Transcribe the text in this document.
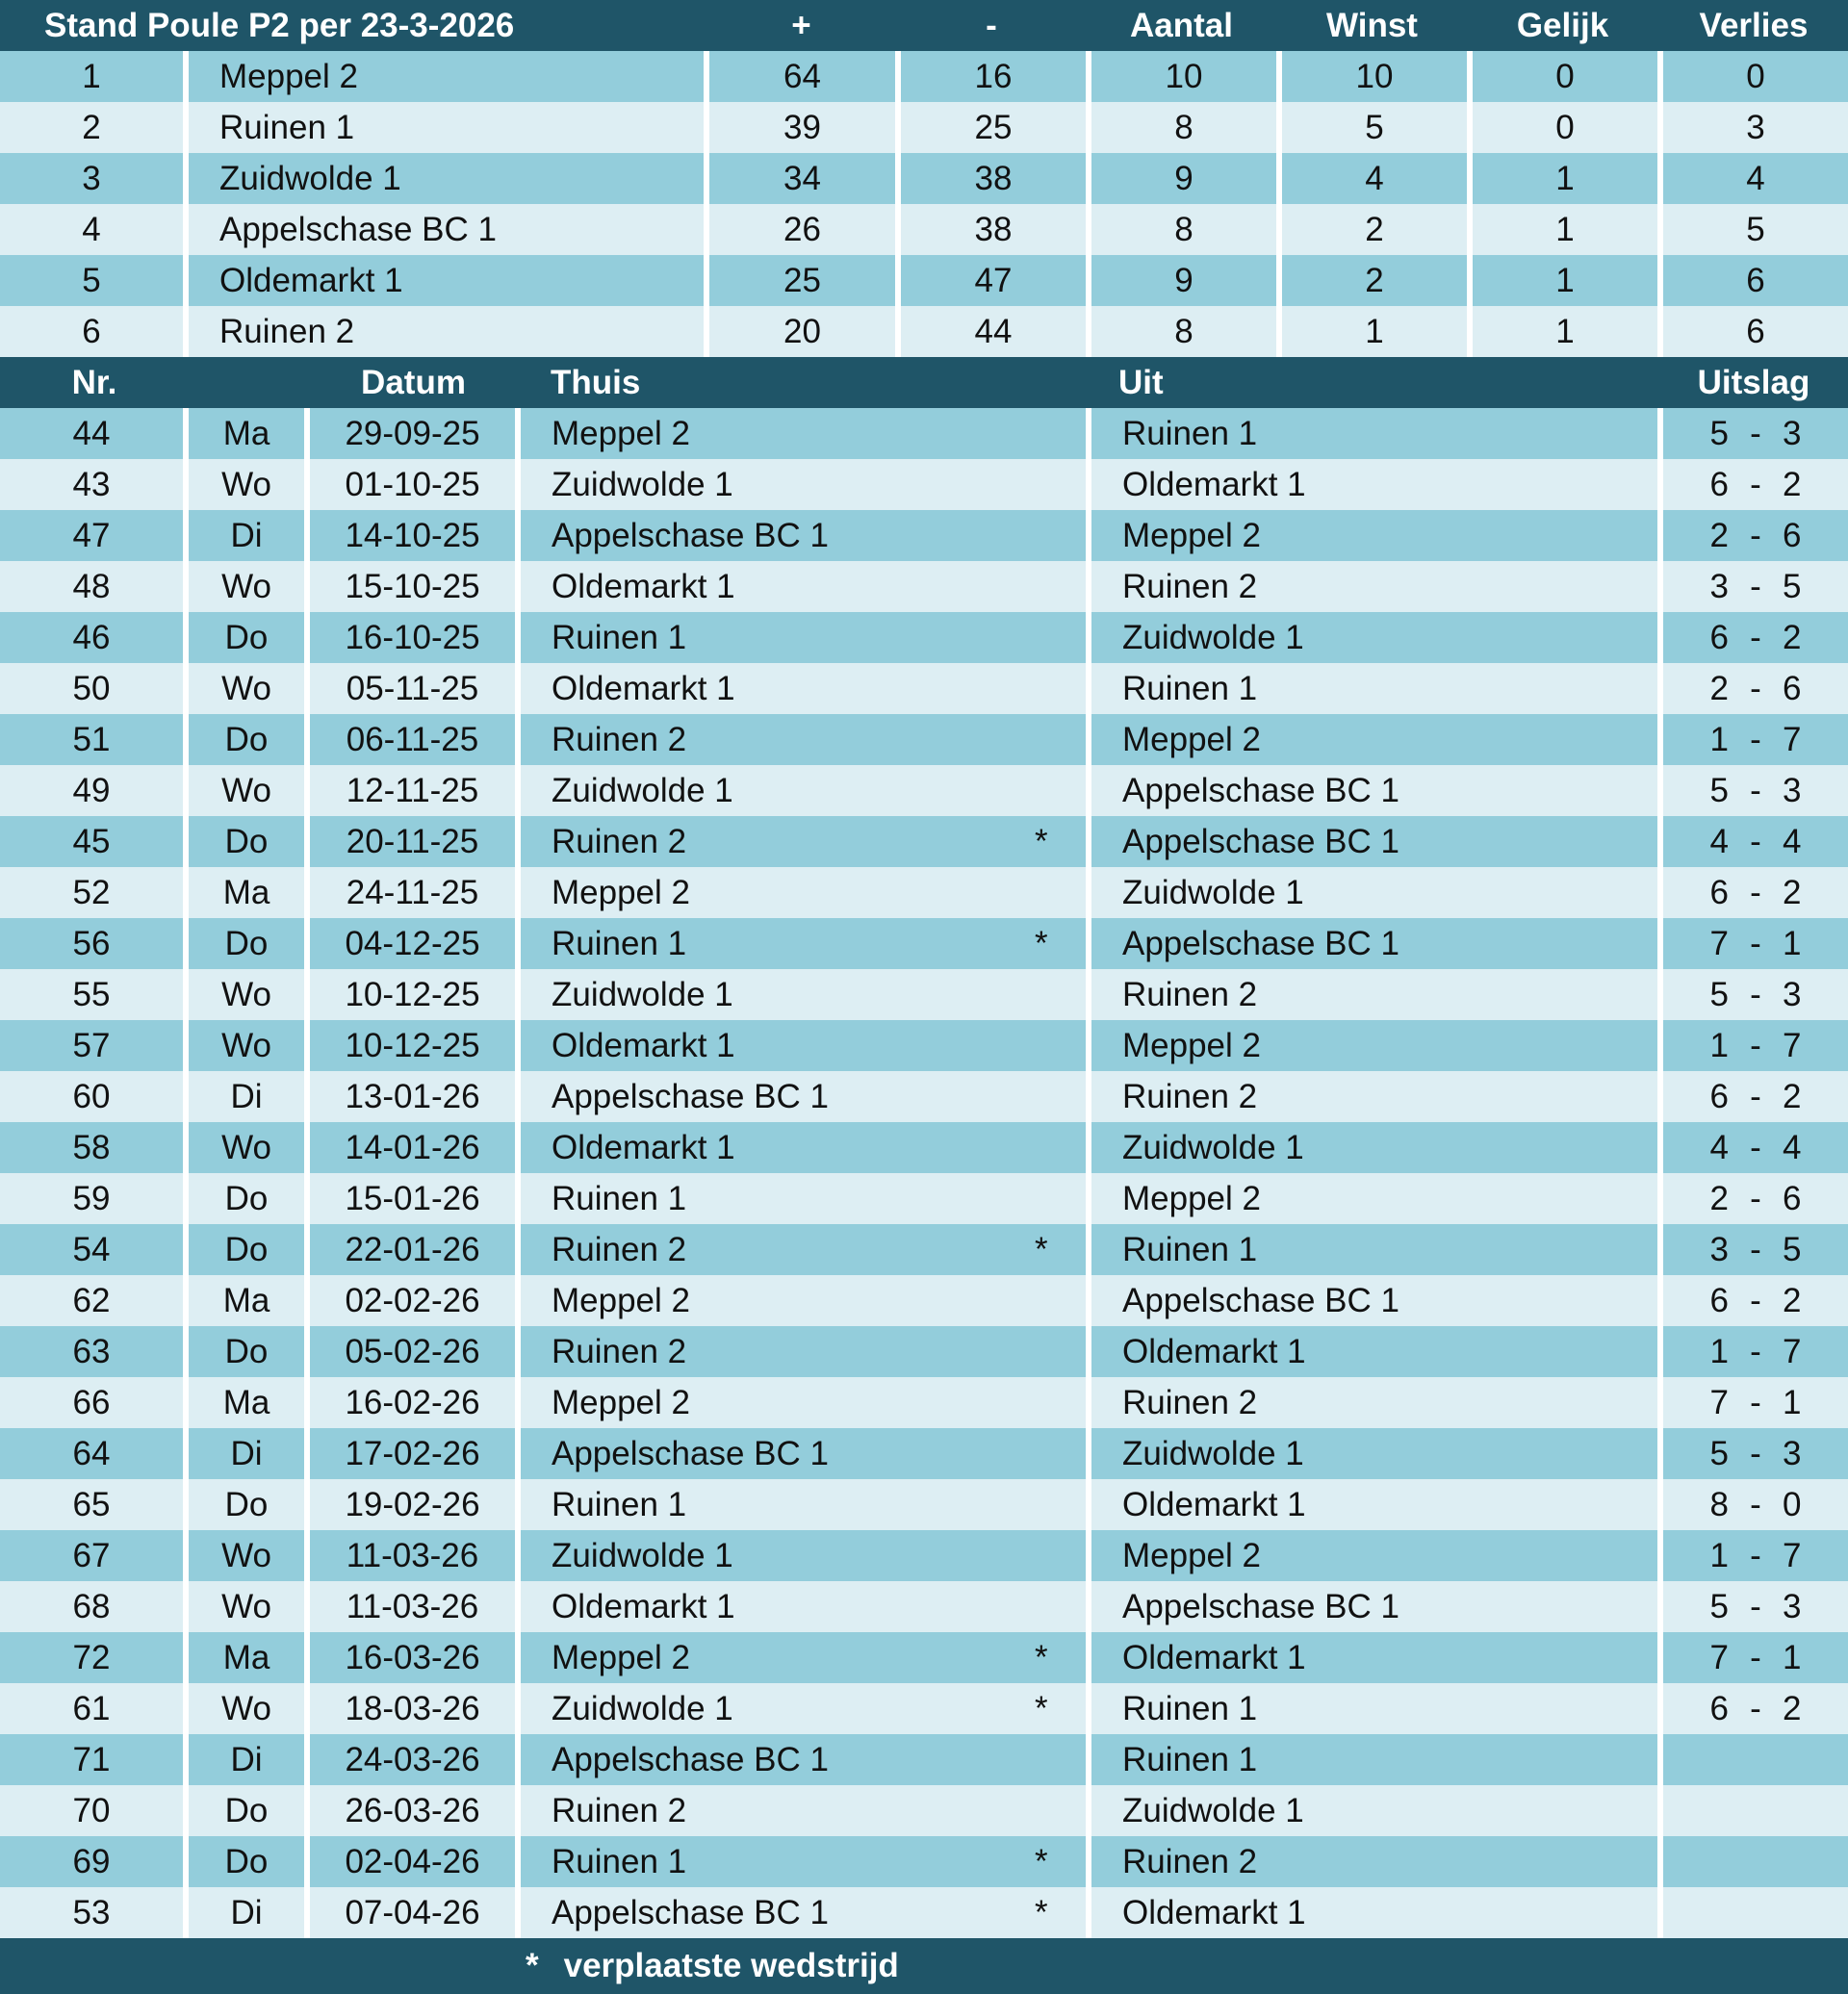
Stand Poule P2 per 23-3-2026	+	-	Aantal	Winst	Gelijk	Verlies
1	Meppel 2	64	16	10	10	0	0
2	Ruinen 1	39	25	8	5	0	3
3	Zuidwolde 1	34	38	9	4	1	4
4	Appelschase BC 1	26	38	8	2	1	5
5	Oldemarkt 1	25	47	9	2	1	6
6	Ruinen 2	20	44	8	1	1	6
Nr.	Datum	Thuis	Uit	Uitslag
44	Ma	29-09-25	Meppel 2	Ruinen 1	5 - 3
43	Wo	01-10-25	Zuidwolde 1	Oldemarkt 1	6 - 2
47	Di	14-10-25	Appelschase BC 1	Meppel 2	2 - 6
48	Wo	15-10-25	Oldemarkt 1	Ruinen 2	3 - 5
46	Do	16-10-25	Ruinen 1	Zuidwolde 1	6 - 2
50	Wo	05-11-25	Oldemarkt 1	Ruinen 1	2 - 6
51	Do	06-11-25	Ruinen 2	Meppel 2	1 - 7
49	Wo	12-11-25	Zuidwolde 1	Appelschase BC 1	5 - 3
45	Do	20-11-25	Ruinen 2	*	Appelschase BC 1	4 - 4
52	Ma	24-11-25	Meppel 2	Zuidwolde 1	6 - 2
56	Do	04-12-25	Ruinen 1	*	Appelschase BC 1	7 - 1
55	Wo	10-12-25	Zuidwolde 1	Ruinen 2	5 - 3
57	Wo	10-12-25	Oldemarkt 1	Meppel 2	1 - 7
60	Di	13-01-26	Appelschase BC 1	Ruinen 2	6 - 2
58	Wo	14-01-26	Oldemarkt 1	Zuidwolde 1	4 - 4
59	Do	15-01-26	Ruinen 1	Meppel 2	2 - 6
54	Do	22-01-26	Ruinen 2	*	Ruinen 1	3 - 5
62	Ma	02-02-26	Meppel 2	Appelschase BC 1	6 - 2
63	Do	05-02-26	Ruinen 2	Oldemarkt 1	1 - 7
66	Ma	16-02-26	Meppel 2	Ruinen 2	7 - 1
64	Di	17-02-26	Appelschase BC 1	Zuidwolde 1	5 - 3
65	Do	19-02-26	Ruinen 1	Oldemarkt 1	8 - 0
67	Wo	11-03-26	Zuidwolde 1	Meppel 2	1 - 7
68	Wo	11-03-26	Oldemarkt 1	Appelschase BC 1	5 - 3
72	Ma	16-03-26	Meppel 2	*	Oldemarkt 1	7 - 1
61	Wo	18-03-26	Zuidwolde 1	*	Ruinen 1	6 - 2
71	Di	24-03-26	Appelschase BC 1	Ruinen 1
70	Do	26-03-26	Ruinen 2	Zuidwolde 1
69	Do	02-04-26	Ruinen 1	*	Ruinen 2
53	Di	07-04-26	Appelschase BC 1	*	Oldemarkt 1
* verplaatste wedstrijd
